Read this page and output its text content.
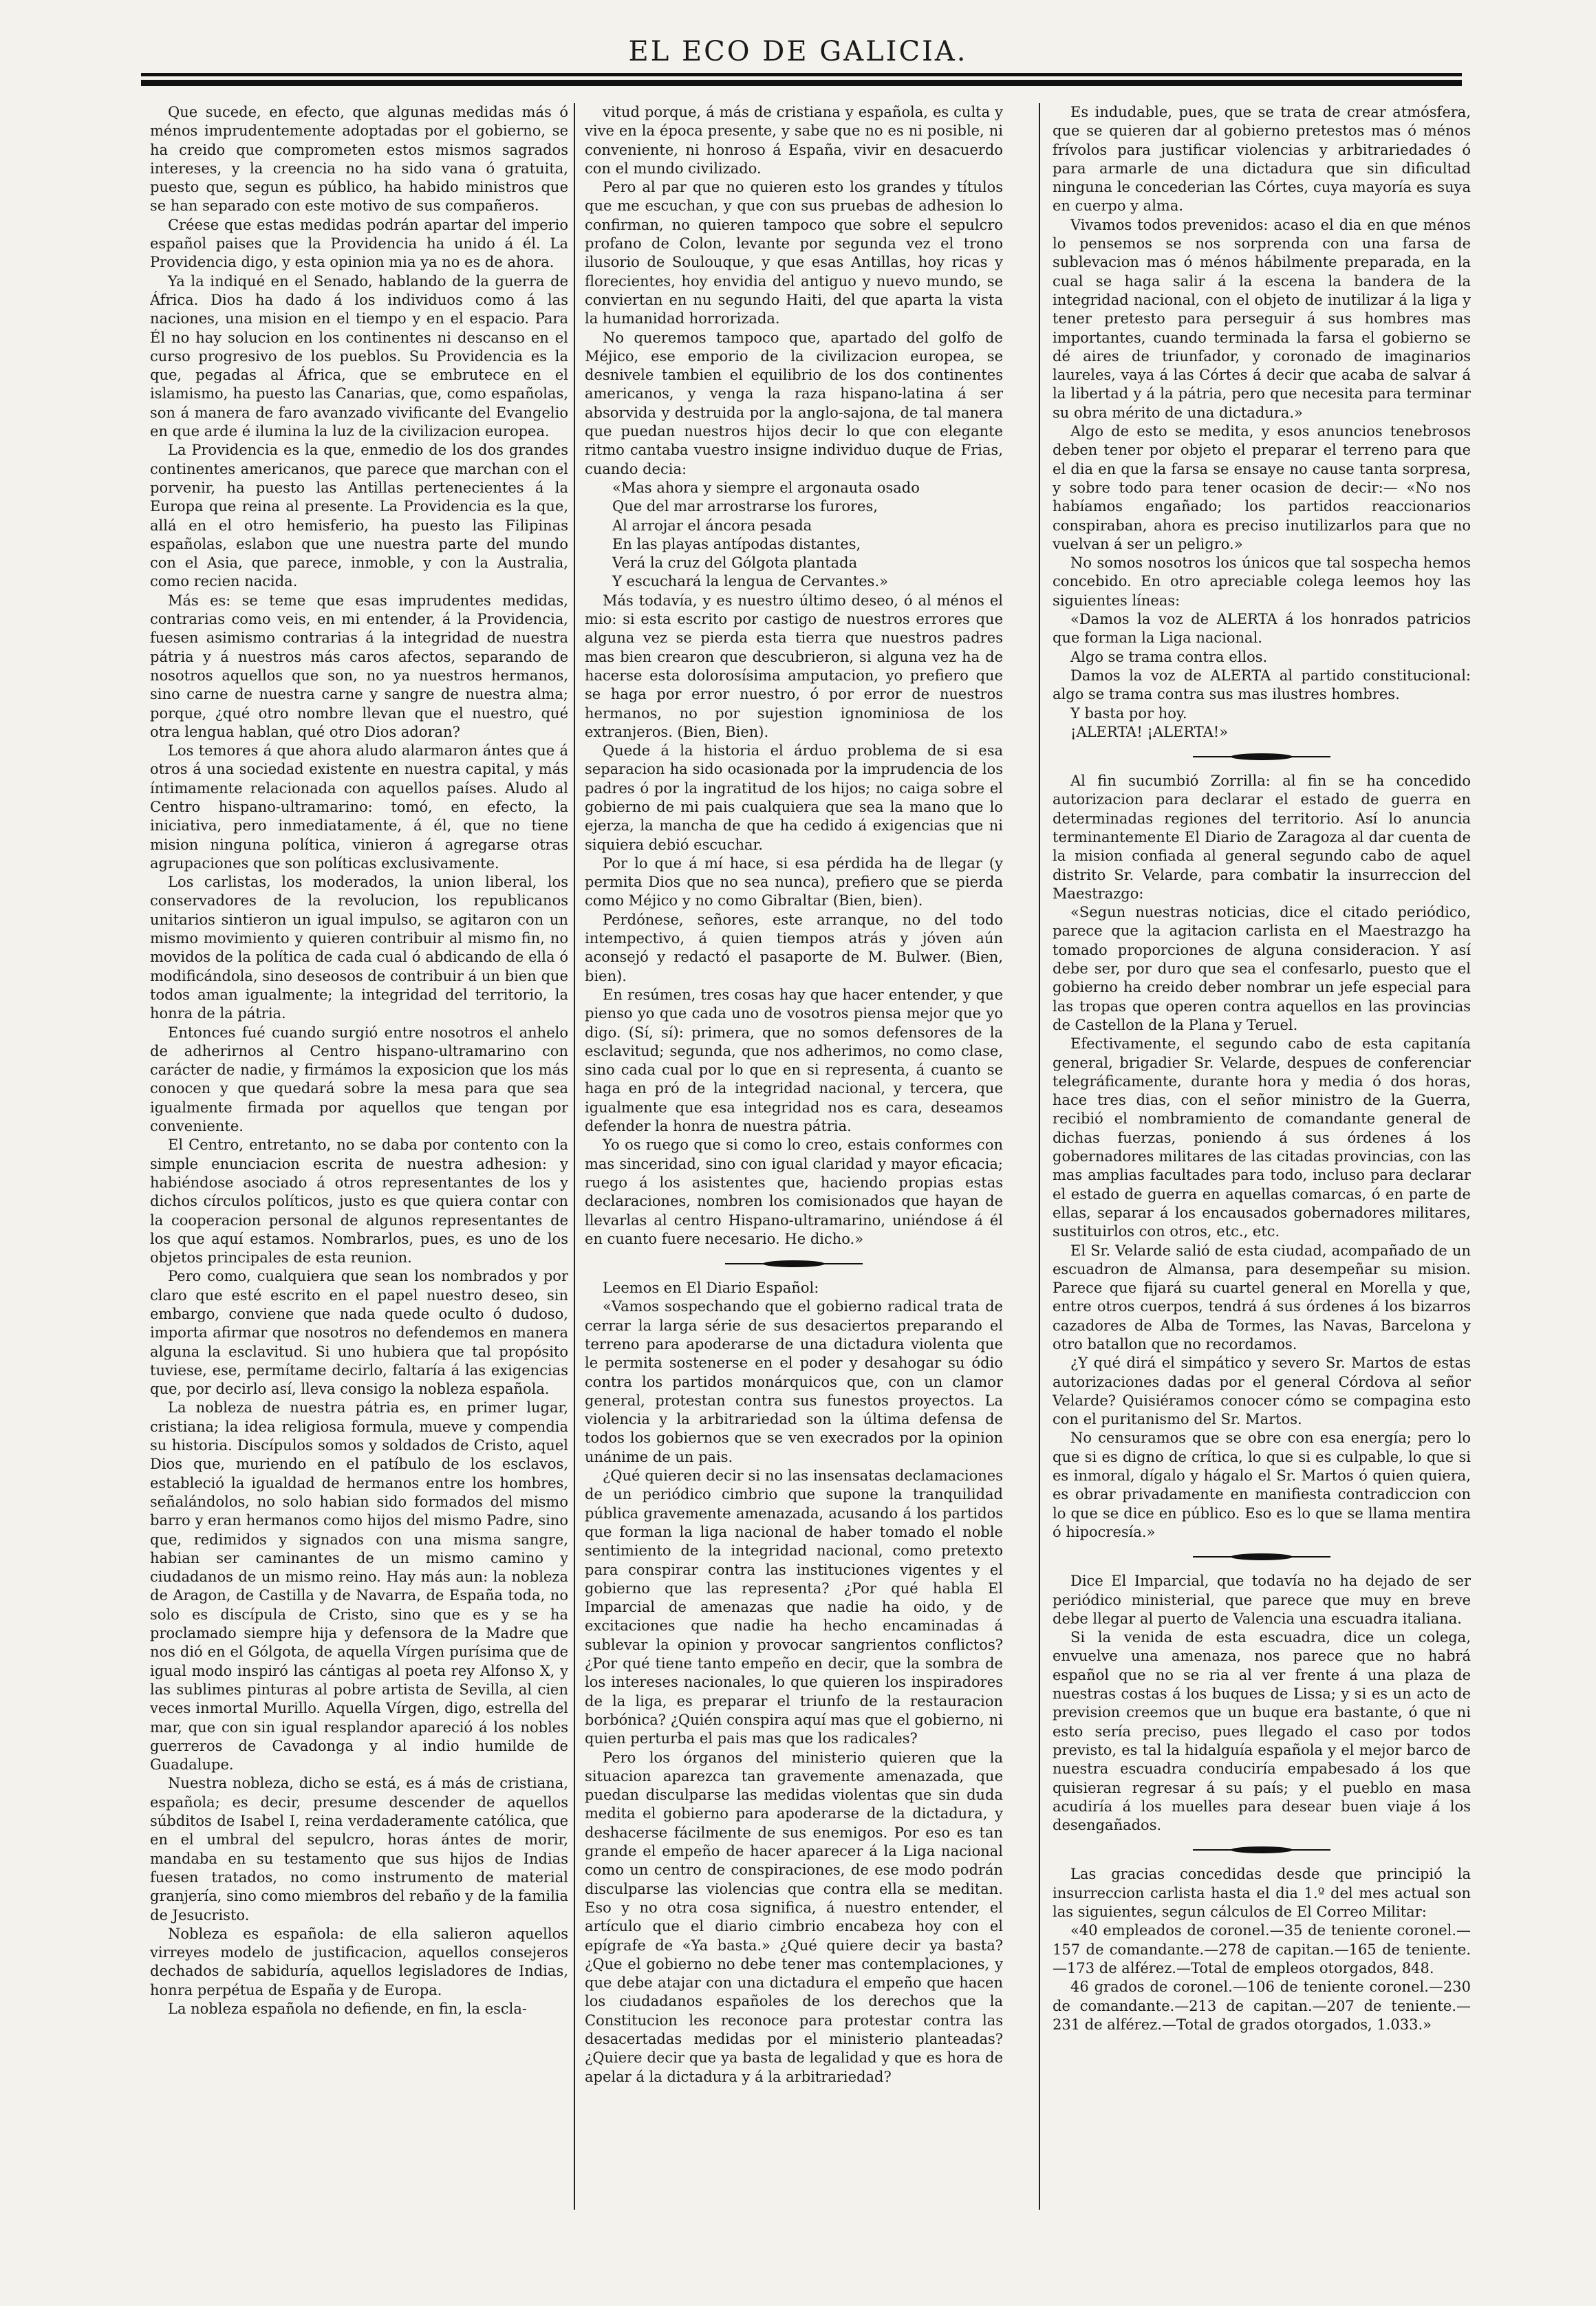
EL ECO DE GALICIA.

Que sucede, en efecto, que algunas medidas más ó ménos imprudentemente adoptadas por el gobierno, se ha creido que comprometen estos mismos sagrados intereses, y la creencia no ha sido vana ó gratuita, puesto que, segun es público, ha habido ministros que se han separado con este motivo de sus compañeros.

Créese que estas medidas podrán apartar del imperio español paises que la Providencia ha unido á él. La Providencia digo, y esta opinion mia ya no es de ahora.

Ya la indiqué en el Senado, hablando de la guerra de África. Dios ha dado á los individuos como á las naciones, una mision en el tiempo y en el espacio. Para Él no hay solucion en los continentes ni descanso en el curso progresivo de los pueblos. Su Providencia es la que, pegadas al África, que se embrutece en el islamismo, ha puesto las Canarias, que, como españolas, son á manera de faro avanzado vivificante del Evangelio en que arde é ilumina la luz de la civilizacion europea.

La Providencia es la que, enmedio de los dos grandes continentes americanos, que parece que marchan con el porvenir, ha puesto las Antillas pertenecientes á la Europa que reina al presente. La Providencia es la que, allá en el otro hemisferio, ha puesto las Filipinas españolas, eslabon que une nuestra parte del mundo con el Asia, que parece, inmoble, y con la Australia, como recien nacida.

Más es: se teme que esas imprudentes medidas, contrarias como veis, en mi entender, á la Providencia, fuesen asimismo contrarias á la integridad de nuestra pátria y á nuestros más caros afectos, separando de nosotros aquellos que son, no ya nuestros hermanos, sino carne de nuestra carne y sangre de nuestra alma; porque, ¿qué otro nombre llevan que el nuestro, qué otra lengua hablan, qué otro Dios adoran?

Los temores á que ahora aludo alarmaron ántes que á otros á una sociedad existente en nuestra capital, y más íntimamente relacionada con aquellos países. Aludo al Centro hispano-ultramarino: tomó, en efecto, la iniciativa, pero inmediatamente, á él, que no tiene mision ninguna política, vinieron á agregarse otras agrupaciones que son políticas exclusivamente.

Los carlistas, los moderados, la union liberal, los conservadores de la revolucion, los republicanos unitarios sintieron un igual impulso, se agitaron con un mismo movimiento y quieren contribuir al mismo fin, no movidos de la política de cada cual ó abdicando de ella ó modificándola, sino deseosos de contribuir á un bien que todos aman igualmente; la integridad del territorio, la honra de la pátria.

Entonces fué cuando surgió entre nosotros el anhelo de adherirnos al Centro hispano-ultramarino con carácter de nadie, y firmámos la exposicion que los más conocen y que quedará sobre la mesa para que sea igualmente firmada por aquellos que tengan por conveniente.

El Centro, entretanto, no se daba por contento con la simple enunciacion escrita de nuestra adhesion: y habiéndose asociado á otros representantes de los y dichos círculos políticos, justo es que quiera contar con la cooperacion personal de algunos representantes de los que aquí estamos. Nombrarlos, pues, es uno de los objetos principales de esta reunion.

Pero como, cualquiera que sean los nombrados y por claro que esté escrito en el papel nuestro deseo, sin embargo, conviene que nada quede oculto ó dudoso, importa afirmar que nosotros no defendemos en manera alguna la esclavitud. Si uno hubiera que tal propósito tuviese, ese, permítame decirlo, faltaría á las exigencias que, por decirlo así, lleva consigo la nobleza española.

La nobleza de nuestra pátria es, en primer lugar, cristiana; la idea religiosa formula, mueve y compendia su historia. Discípulos somos y soldados de Cristo, aquel Dios que, muriendo en el patíbulo de los esclavos, estableció la igualdad de hermanos entre los hombres, señalándolos, no solo habian sido formados del mismo barro y eran hermanos como hijos del mismo Padre, sino que, redimidos y signados con una misma sangre, habian ser caminantes de un mismo camino y ciudadanos de un mismo reino. Hay más aun: la nobleza de Aragon, de Castilla y de Navarra, de España toda, no solo es discípula de Cristo, sino que es y se ha proclamado siempre hija y defensora de la Madre que nos dió en el Gólgota, de aquella Vírgen purísima que de igual modo inspiró las cántigas al poeta rey Alfonso X, y las sublimes pinturas al pobre artista de Sevilla, al cien veces inmortal Murillo. Aquella Vírgen, digo, estrella del mar, que con sin igual resplandor apareció á los nobles guerreros de Cavadonga y al indio humilde de Guadalupe.

Nuestra nobleza, dicho se está, es á más de cristiana, española; es decir, presume descender de aquellos súbditos de Isabel I, reina verdaderamente católica, que en el umbral del sepulcro, horas ántes de morir, mandaba en su testamento que sus hijos de Indias fuesen tratados, no como instrumento de material granjería, sino como miembros del rebaño y de la familia de Jesucristo.

Nobleza es española: de ella salieron aquellos virreyes modelo de justificacion, aquellos consejeros dechados de sabiduría, aquellos legisladores de Indias, honra perpétua de España y de Europa.

La nobleza española no defiende, en fin, la escla-

vitud porque, á más de cristiana y española, es culta y vive en la época presente, y sabe que no es ni posible, ni conveniente, ni honroso á España, vivir en desacuerdo con el mundo civilizado.

Pero al par que no quieren esto los grandes y títulos que me escuchan, y que con sus pruebas de adhesion lo confirman, no quieren tampoco que sobre el sepulcro profano de Colon, levante por segunda vez el trono ilusorio de Soulouque, y que esas Antillas, hoy ricas y florecientes, hoy envidia del antiguo y nuevo mundo, se conviertan en nu segundo Haiti, del que aparta la vista la humanidad horrorizada.

No queremos tampoco que, apartado del golfo de Méjico, ese emporio de la civilizacion europea, se desnivele tambien el equilibrio de los dos continentes americanos, y venga la raza hispano-latina á ser absorvida y destruida por la anglo-sajona, de tal manera que puedan nuestros hijos decir lo que con elegante ritmo cantaba vuestro insigne individuo duque de Frias, cuando decia:

«Mas ahora y siempre el argonauta osado

Que del mar arrostrarse los furores,

Al arrojar el áncora pesada

En las playas antípodas distantes,

Verá la cruz del Gólgota plantada

Y escuchará la lengua de Cervantes.»

Más todavía, y es nuestro último deseo, ó al ménos el mio: si esta escrito por castigo de nuestros errores que alguna vez se pierda esta tierra que nuestros padres mas bien crearon que descubrieron, si alguna vez ha de hacerse esta dolorosísima amputacion, yo prefiero que se haga por error nuestro, ó por error de nuestros hermanos, no por sujestion ignominiosa de los extranjeros. (Bien, Bien).

Quede á la historia el árduo problema de si esa separacion ha sido ocasionada por la imprudencia de los padres ó por la ingratitud de los hijos; no caiga sobre el gobierno de mi pais cualquiera que sea la mano que lo ejerza, la mancha de que ha cedido á exigencias que ni siquiera debió escuchar.

Por lo que á mí hace, si esa pérdida ha de llegar (y permita Dios que no sea nunca), prefiero que se pierda como Méjico y no como Gibraltar (Bien, bien).

Perdónese, señores, este arranque, no del todo intempectivo, á quien tiempos atrás y jóven aún aconsejó y redactó el pasaporte de M. Bulwer. (Bien, bien).

En resúmen, tres cosas hay que hacer entender, y que pienso yo que cada uno de vosotros piensa mejor que yo digo. (Sí, sí): primera, que no somos defensores de la esclavitud; segunda, que nos adherimos, no como clase, sino cada cual por lo que en si representa, á cuanto se haga en pró de la integridad nacional, y tercera, que igualmente que esa integridad nos es cara, deseamos defender la honra de nuestra pátria.

Yo os ruego que si como lo creo, estais conformes con mas sinceridad, sino con igual claridad y mayor eficacia; ruego á los asistentes que, haciendo propias estas declaraciones, nombren los comisionados que hayan de llevarlas al centro Hispano-ultramarino, uniéndose á él en cuanto fuere necesario. He dicho.»

Leemos en El Diario Español:

«Vamos sospechando que el gobierno radical trata de cerrar la larga série de sus desaciertos preparando el terreno para apoderarse de una dictadura violenta que le permita sostenerse en el poder y desahogar su ódio contra los partidos monárquicos que, con un clamor general, protestan contra sus funestos proyectos. La violencia y la arbitrariedad son la última defensa de todos los gobiernos que se ven execrados por la opinion unánime de un pais.

¿Qué quieren decir si no las insensatas declamaciones de un periódico cimbrio que supone la tranquilidad pública gravemente amenazada, acusando á los partidos que forman la liga nacional de haber tomado el noble sentimiento de la integridad nacional, como pretexto para conspirar contra las instituciones vigentes y el gobierno que las representa? ¿Por qué habla El Imparcial de amenazas que nadie ha oido, y de excitaciones que nadie ha hecho encaminadas á sublevar la opinion y provocar sangrientos conflictos? ¿Por qué tiene tanto empeño en decir, que la sombra de los intereses nacionales, lo que quieren los inspiradores de la liga, es preparar el triunfo de la restauracion borbónica? ¿Quién conspira aquí mas que el gobierno, ni quien perturba el pais mas que los radicales?

Pero los órganos del ministerio quieren que la situacion aparezca tan gravemente amenazada, que puedan disculparse las medidas violentas que sin duda medita el gobierno para apoderarse de la dictadura, y deshacerse fácilmente de sus enemigos. Por eso es tan grande el empeño de hacer aparecer á la Liga nacional como un centro de conspiraciones, de ese modo podrán disculparse las violencias que contra ella se meditan. Eso y no otra cosa significa, á nuestro entender, el artículo que el diario cimbrio encabeza hoy con el epígrafe de «Ya basta.» ¿Qué quiere decir ya basta? ¿Que el gobierno no debe tener mas contemplaciones, y que debe atajar con una dictadura el empeño que hacen los ciudadanos españoles de los derechos que la Constitucion les reconoce para protestar contra las desacertadas medidas por el ministerio planteadas? ¿Quiere decir que ya basta de legalidad y que es hora de apelar á la dictadura y á la arbitrariedad?

Es indudable, pues, que se trata de crear atmósfera, que se quieren dar al gobierno pretestos mas ó ménos frívolos para justificar violencias y arbitrariedades ó para armarle de una dictadura que sin dificultad ninguna le concederian las Córtes, cuya mayoría es suya en cuerpo y alma.

Vivamos todos prevenidos: acaso el dia en que ménos lo pensemos se nos sorprenda con una farsa de sublevacion mas ó ménos hábilmente preparada, en la cual se haga salir á la escena la bandera de la integridad nacional, con el objeto de inutilizar á la liga y tener pretesto para perseguir á sus hombres mas importantes, cuando terminada la farsa el gobierno se dé aires de triunfador, y coronado de imaginarios laureles, vaya á las Córtes á decir que acaba de salvar á la libertad y á la pátria, pero que necesita para terminar su obra mérito de una dictadura.»

Algo de esto se medita, y esos anuncios tenebrosos deben tener por objeto el preparar el terreno para que el dia en que la farsa se ensaye no cause tanta sorpresa, y sobre todo para tener ocasion de decir:— «No nos habíamos engañado; los partidos reaccionarios conspiraban, ahora es preciso inutilizarlos para que no vuelvan á ser un peligro.»

No somos nosotros los únicos que tal sospecha hemos concebido. En otro apreciable colega leemos hoy las siguientes líneas:

«Damos la voz de ALERTA á los honrados patricios que forman la Liga nacional.

Algo se trama contra ellos.

Damos la voz de ALERTA al partido constitucional: algo se trama contra sus mas ilustres hombres.

Y basta por hoy.

¡ALERTA! ¡ALERTA!»

Al fin sucumbió Zorrilla: al fin se ha concedido autorizacion para declarar el estado de guerra en determinadas regiones del territorio. Así lo anuncia terminantemente El Diario de Zaragoza al dar cuenta de la mision confiada al general segundo cabo de aquel distrito Sr. Velarde, para combatir la insurreccion del Maestrazgo:

«Segun nuestras noticias, dice el citado periódico, parece que la agitacion carlista en el Maestrazgo ha tomado proporciones de alguna consideracion. Y así debe ser, por duro que sea el confesarlo, puesto que el gobierno ha creido deber nombrar un jefe especial para las tropas que operen contra aquellos en las provincias de Castellon de la Plana y Teruel.

Efectivamente, el segundo cabo de esta capitanía general, brigadier Sr. Velarde, despues de conferenciar telegráficamente, durante hora y media ó dos horas, hace tres dias, con el señor ministro de la Guerra, recibió el nombramiento de comandante general de dichas fuerzas, poniendo á sus órdenes á los gobernadores militares de las citadas provincias, con las mas amplias facultades para todo, incluso para declarar el estado de guerra en aquellas comarcas, ó en parte de ellas, separar á los encausados gobernadores militares, sustituirlos con otros, etc., etc.

El Sr. Velarde salió de esta ciudad, acompañado de un escuadron de Almansa, para desempeñar su mision. Parece que fijará su cuartel general en Morella y que, entre otros cuerpos, tendrá á sus órdenes á los bizarros cazadores de Alba de Tormes, las Navas, Barcelona y otro batallon que no recordamos.

¿Y qué dirá el simpático y severo Sr. Martos de estas autorizaciones dadas por el general Córdova al señor Velarde? Quisiéramos conocer cómo se compagina esto con el puritanismo del Sr. Martos.

No censuramos que se obre con esa energía; pero lo que si es digno de crítica, lo que si es culpable, lo que si es inmoral, dígalo y hágalo el Sr. Martos ó quien quiera, es obrar privadamente en manifiesta contradiccion con lo que se dice en público. Eso es lo que se llama mentira ó hipocresía.»

Dice El Imparcial, que todavía no ha dejado de ser periódico ministerial, que parece que muy en breve debe llegar al puerto de Valencia una escuadra italiana.

Si la venida de esta escuadra, dice un colega, envuelve una amenaza, nos parece que no habrá español que no se ria al ver frente á una plaza de nuestras costas á los buques de Lissa; y si es un acto de prevision creemos que un buque era bastante, ó que ni esto sería preciso, pues llegado el caso por todos previsto, es tal la hidalguía española y el mejor barco de nuestra escuadra conduciría empabesado á los que quisieran regresar á su país; y el pueblo en masa acudiría á los muelles para desear buen viaje á los desengañados.

Las gracias concedidas desde que principió la insurreccion carlista hasta el dia 1.º del mes actual son las siguientes, segun cálculos de El Correo Militar:

«40 empleados de coronel.—35 de teniente coronel.—157 de comandante.—278 de capitan.—165 de teniente.—173 de alférez.—Total de empleos otorgados, 848.

46 grados de coronel.—106 de teniente coronel.—230 de comandante.—213 de capitan.—207 de teniente.—231 de alférez.—Total de grados otorgados, 1.033.»
